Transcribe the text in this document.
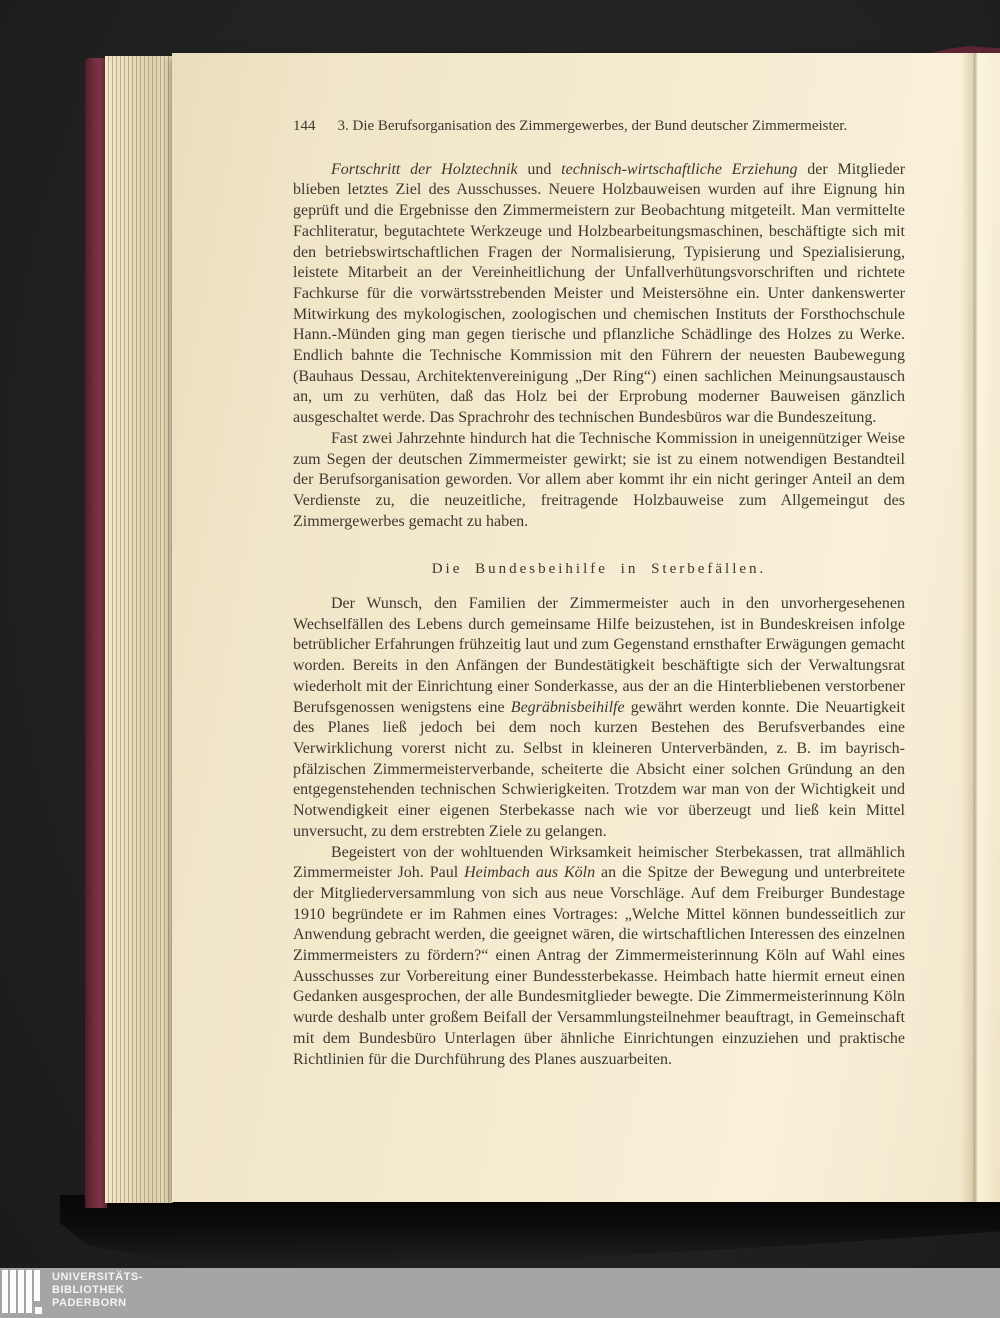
144 3. Die Berufsorganisation des Zimmergewerbes, der Bund deutscher Zimmermeister.

Fortschritt der Holztechnik und technisch-wirtschaftliche Erziehung der Mitglieder blieben letztes Ziel des Ausschusses. Neuere Holzbauweisen wurden auf ihre Eignung hin geprüft und die Ergebnisse den Zimmermeistern zur Beobachtung mitgeteilt. Man vermittelte Fachliteratur, begutachtete Werkzeuge und Holzbearbeitungsmaschinen, beschäftigte sich mit den betriebswirtschaftlichen Fragen der Normalisierung, Typisierung und Spezialisierung, leistete Mitarbeit an der Vereinheitlichung der Unfallverhütungsvorschriften und richtete Fachkurse für die vorwärtsstrebenden Meister und Meistersöhne ein. Unter dankenswerter Mitwirkung des mykologischen, zoologischen und chemischen Instituts der Forsthochschule Hann.-Münden ging man gegen tierische und pflanzliche Schädlinge des Holzes zu Werke. Endlich bahnte die Technische Kommission mit den Führern der neuesten Baubewegung (Bauhaus Dessau, Architektenvereinigung „Der Ring“) einen sachlichen Meinungsaustausch an, um zu verhüten, daß das Holz bei der Erprobung moderner Bauweisen gänzlich ausgeschaltet werde. Das Sprachrohr des technischen Bundesbüros war die Bundeszeitung.

Fast zwei Jahrzehnte hindurch hat die Technische Kommission in uneigennütziger Weise zum Segen der deutschen Zimmermeister gewirkt; sie ist zu einem notwendigen Bestandteil der Berufsorganisation geworden. Vor allem aber kommt ihr ein nicht geringer Anteil an dem Verdienste zu, die neuzeitliche, freitragende Holzbauweise zum Allgemeingut des Zimmergewerbes gemacht zu haben.

Die Bundesbeihilfe in Sterbefällen.

Der Wunsch, den Familien der Zimmermeister auch in den unvorhergesehenen Wechselfällen des Lebens durch gemeinsame Hilfe beizustehen, ist in Bundeskreisen infolge betrüblicher Erfahrungen frühzeitig laut und zum Gegenstand ernsthafter Erwägungen gemacht worden. Bereits in den Anfängen der Bundestätigkeit beschäftigte sich der Verwaltungsrat wiederholt mit der Einrichtung einer Sonderkasse, aus der an die Hinterbliebenen verstorbener Berufsgenossen wenigstens eine Begräbnisbeihilfe gewährt werden konnte. Die Neuartigkeit des Planes ließ jedoch bei dem noch kurzen Bestehen des Berufsverbandes eine Verwirklichung vorerst nicht zu. Selbst in kleineren Unterverbänden, z. B. im bayrisch-pfälzischen Zimmermeisterverbande, scheiterte die Absicht einer solchen Gründung an den entgegenstehenden technischen Schwierigkeiten. Trotzdem war man von der Wichtigkeit und Notwendigkeit einer eigenen Sterbekasse nach wie vor überzeugt und ließ kein Mittel unversucht, zu dem erstrebten Ziele zu gelangen.

Begeistert von der wohltuenden Wirksamkeit heimischer Sterbekassen, trat allmählich Zimmermeister Joh. Paul Heimbach aus Köln an die Spitze der Bewegung und unterbreitete der Mitgliederversammlung von sich aus neue Vorschläge. Auf dem Freiburger Bundestage 1910 begründete er im Rahmen eines Vortrages: „Welche Mittel können bundesseitlich zur Anwendung gebracht werden, die geeignet wären, die wirtschaftlichen Interessen des einzelnen Zimmermeisters zu fördern?“ einen Antrag der Zimmermeisterinnung Köln auf Wahl eines Ausschusses zur Vorbereitung einer Bundessterbekasse. Heimbach hatte hiermit erneut einen Gedanken ausgesprochen, der alle Bundesmitglieder bewegte. Die Zimmermeisterinnung Köln wurde deshalb unter großem Beifall der Versammlungsteilnehmer beauftragt, in Gemeinschaft mit dem Bundesbüro Unterlagen über ähnliche Einrichtungen einzuziehen und praktische Richtlinien für die Durchführung des Planes auszuarbeiten.

UNIVERSITÄTS-
BIBLIOTHEK
PADERBORN
